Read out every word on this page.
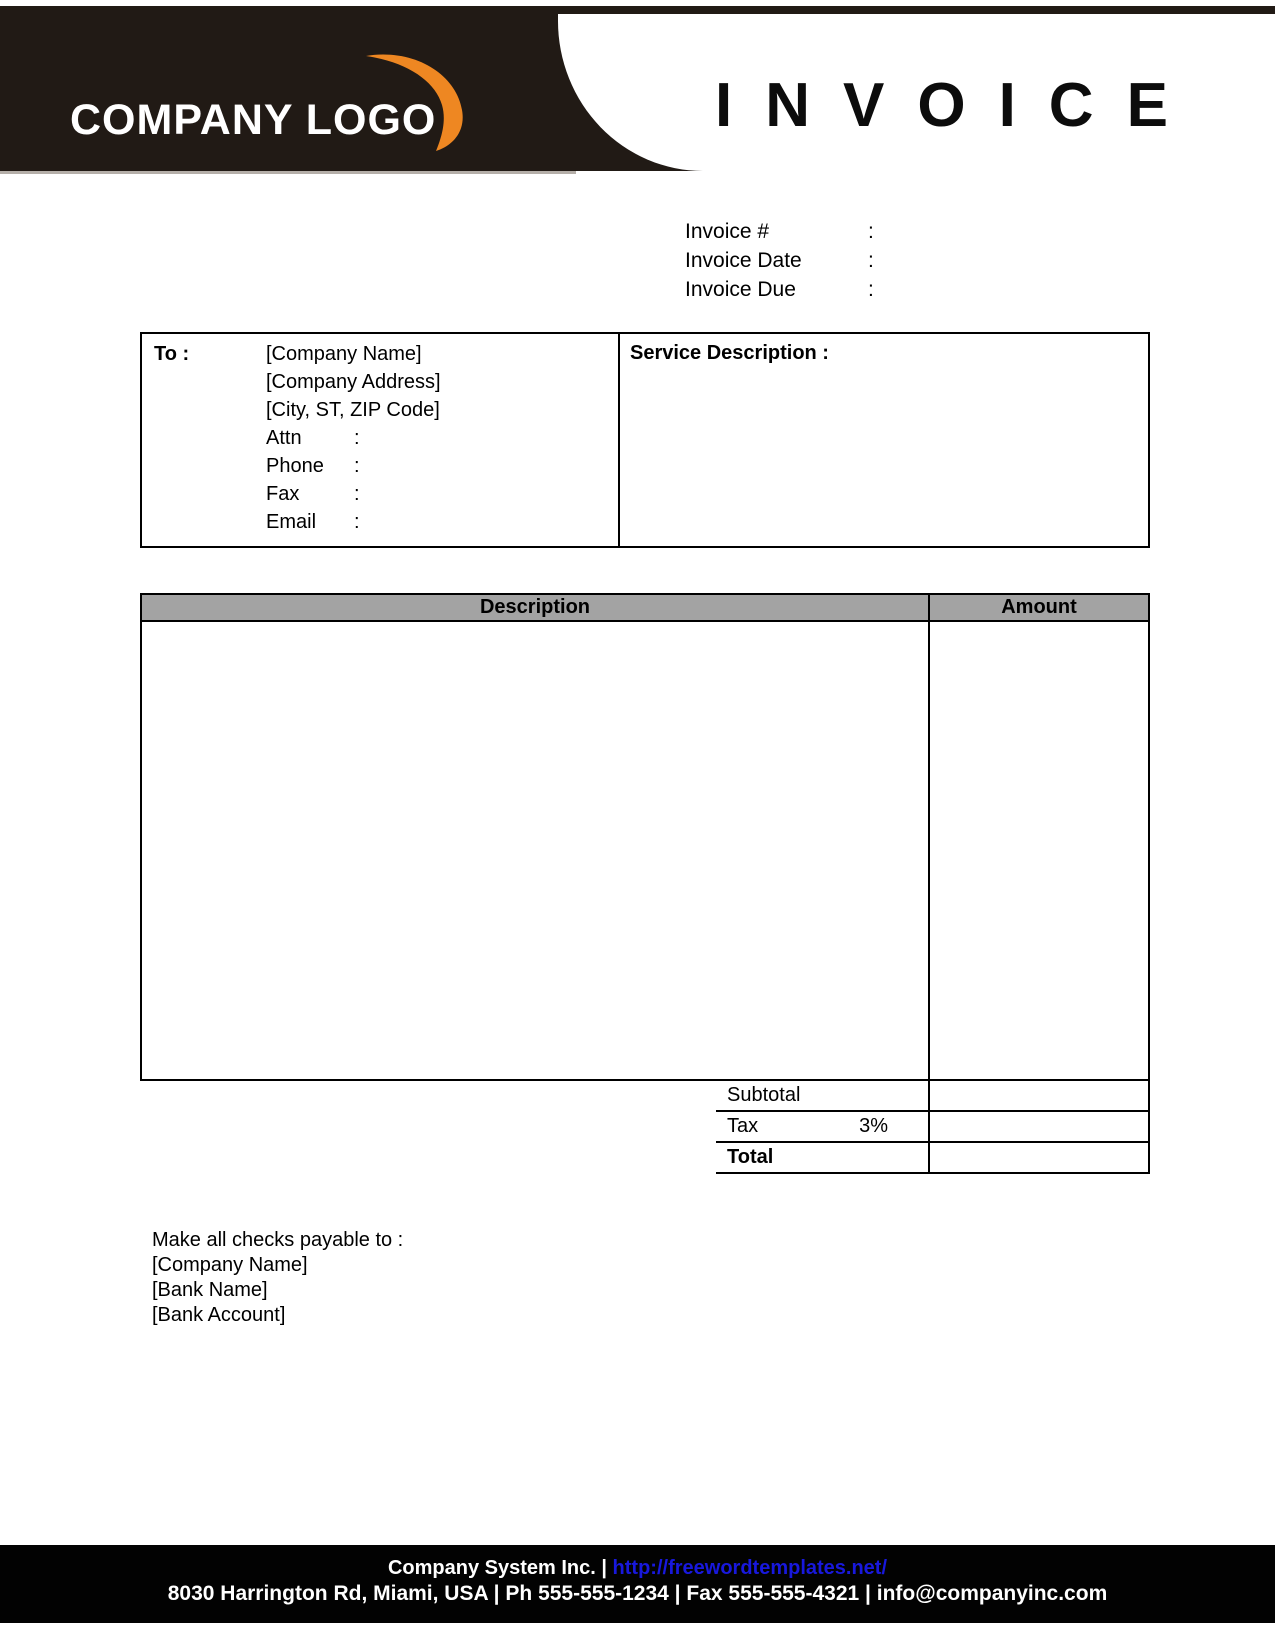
INVOICE
COMPANY LOGO
Invoice #	:
Invoice Date	:
Invoice Due	:
To :	[Company Name]
[Company Address]
[City, ST, ZIP Code]
Attn	:
Phone	:
Fax	:
Email	:
Service Description :
Description	Amount
Subtotal
Tax	3%
Total
Make all checks payable to :
[Company Name]
[Bank Name]
[Bank Account]
Company System Inc. | http://freewordtemplates.net/
8030 Harrington Rd, Miami, USA | Ph 555-555-1234 | Fax 555-555-4321 | info@companyinc.com
